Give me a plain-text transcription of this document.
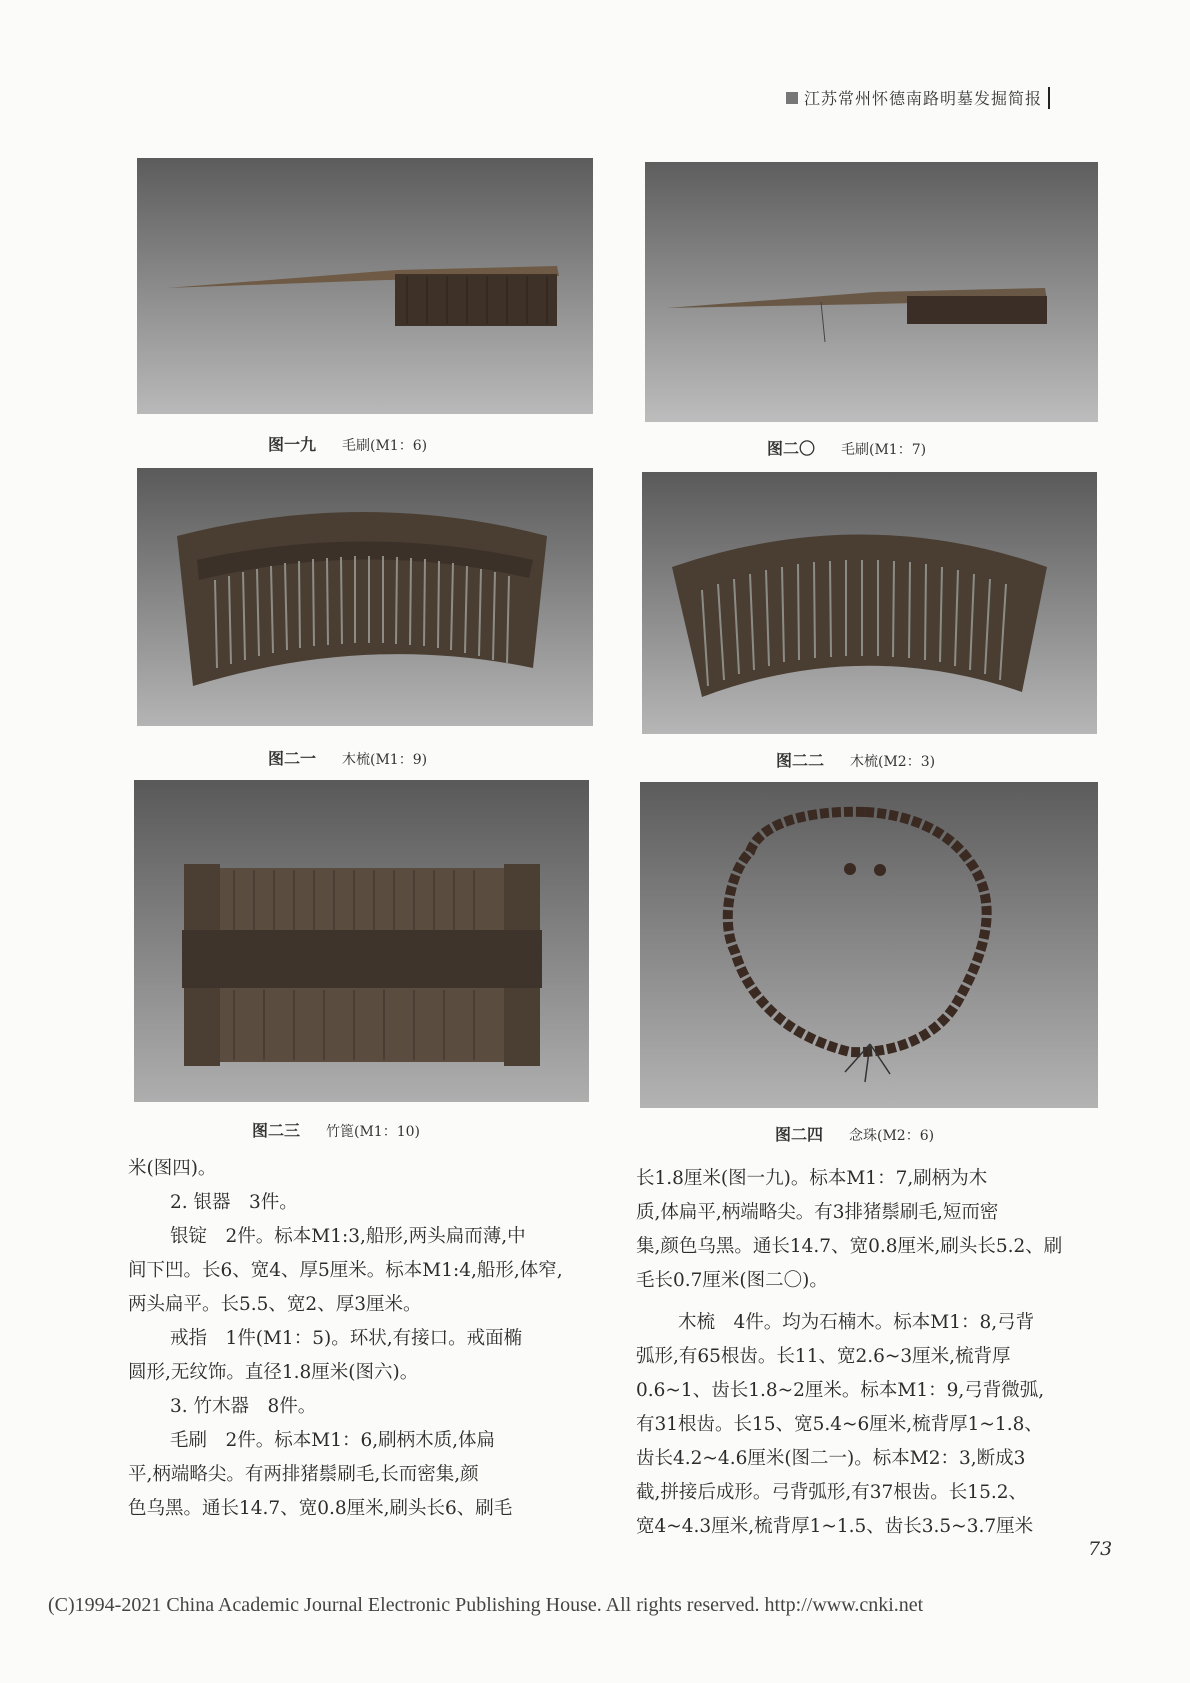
江苏常州怀德南路明墓发掘简报
图一九 毛刷(M1：6)	图二〇 毛刷(M1：7)
图二一 木梳(M1：9)	图二二 木梳(M2：3)
图二三 竹篦(M1：10)	图二四 念珠(M2：6)

米(图四)。

2. 银器　3件。

银锭　2件。标本M1:3,船形,两头扁而薄,中

间下凹。长6、宽4、厚5厘米。标本M1:4,船形,体窄,

两头扁平。长5.5、宽2、厚3厘米。

戒指　1件(M1：5)。环状,有接口。戒面椭

圆形,无纹饰。直径1.8厘米(图六)。

3. 竹木器　8件。

毛刷　2件。标本M1：6,刷柄木质,体扁

平,柄端略尖。有两排猪鬃刷毛,长而密集,颜

色乌黑。通长14.7、宽0.8厘米,刷头长6、刷毛

长1.8厘米(图一九)。标本M1：7,刷柄为木

质,体扁平,柄端略尖。有3排猪鬃刷毛,短而密

集,颜色乌黑。通长14.7、宽0.8厘米,刷头长5.2、刷

毛长0.7厘米(图二〇)。

木梳　4件。均为石楠木。标本M1：8,弓背

弧形,有65根齿。长11、宽2.6~3厘米,梳背厚

0.6~1、齿长1.8~2厘米。标本M1：9,弓背微弧,

有31根齿。长15、宽5.4~6厘米,梳背厚1~1.8、

齿长4.2~4.6厘米(图二一)。标本M2：3,断成3

截,拼接后成形。弓背弧形,有37根齿。长15.2、

宽4~4.3厘米,梳背厚1~1.5、齿长3.5~3.7厘米

73
(C)1994-2021 China Academic Journal Electronic Publishing House. All rights reserved. http://www.cnki.net
